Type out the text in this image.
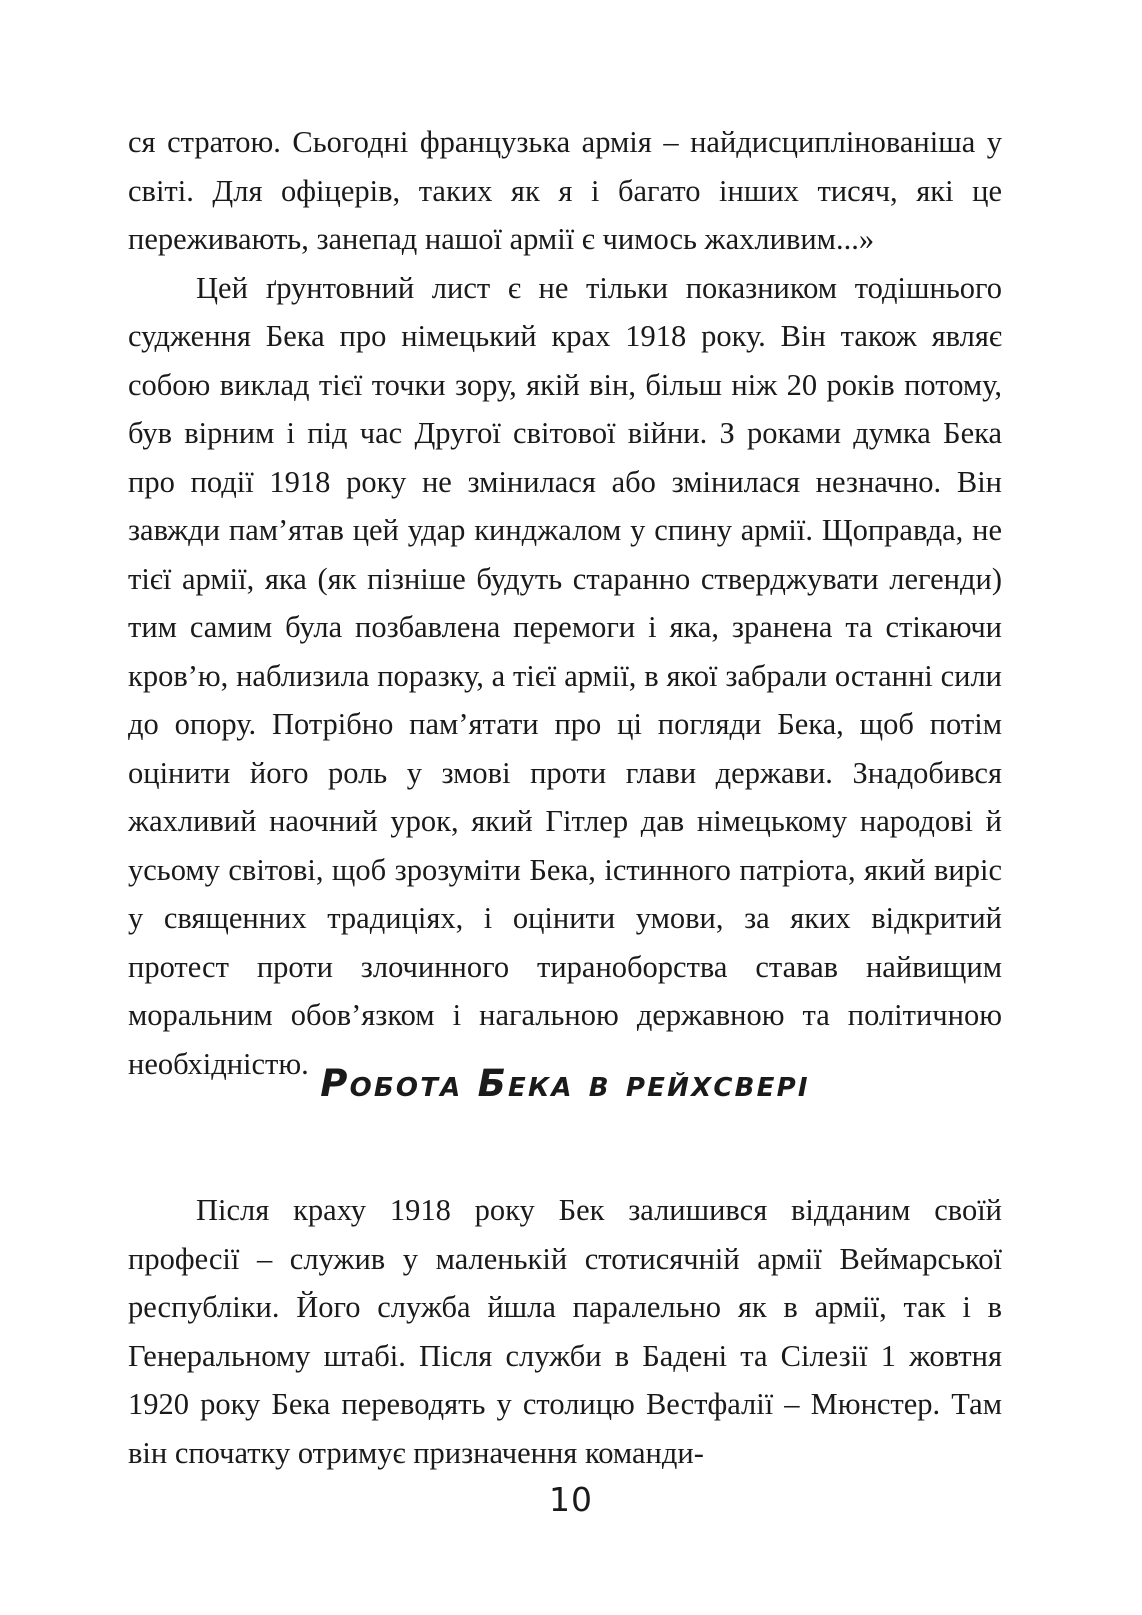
ся стратою. Сьогодні французька армія – найдисциплінованіша у світі. Для офіцерів, таких як я і багато інших тисяч, які це переживають, занепад нашої армії є чимось жахливим...»

Цей ґрунтовний лист є не тільки показником тодішнього судження Бека про німецький крах 1918 року. Він також являє собою виклад тієї точки зору, якій він, більш ніж 20 років потому, був вірним і під час Другої світової війни. З роками думка Бека про події 1918 року не змінилася або змінилася незначно. Він завжди пам’ятав цей удар кинджалом у спину армії. Щоправда, не тієї армії, яка (як пізніше будуть старанно стверджувати легенди) тим самим була позбавлена перемоги і яка, зранена та стікаючи кров’ю, наблизила поразку, а тієї армії, в якої забрали останні сили до опору. Потрібно пам’ятати про ці погляди Бека, щоб потім оцінити його роль у змові проти глави держави. Знадобився жахливий наочний урок, який Гітлер дав німецькому народові й усьому світові, щоб зрозуміти Бека, істинного патріота, який виріс у священних традиціях, і оцінити умови, за яких відкритий протест проти злочинного тираноборства ставав найвищим моральним обов’язком і нагальною державною та політичною необхідністю. Робота Бека в рейхсвері

Після краху 1918 року Бек залишився відданим своїй професії – служив у маленькій стотисячній армії Веймарської республіки. Його служба йшла паралельно як в армії, так і в Генеральному штабі. Після служби в Бадені та Сілезії 1 жовтня 1920 року Бека переводять у столицю Вестфалії – Мюнстер. Там він спочатку отримує призначення команди-

10
